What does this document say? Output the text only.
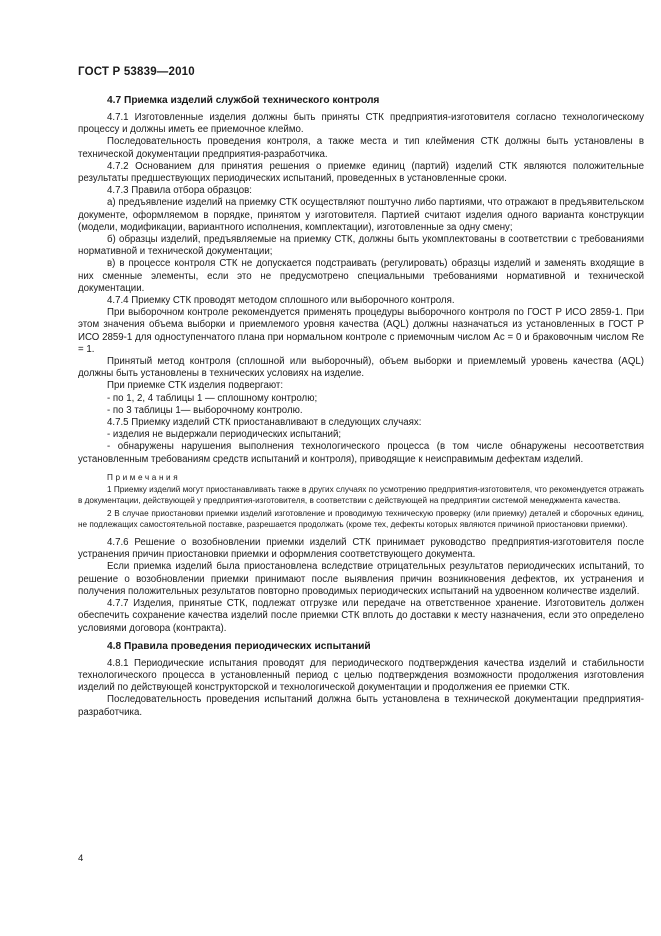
ГОСТ Р 53839—2010

4.7 Приемка изделий службой технического контроля

4.7.1 Изготовленные изделия должны быть приняты СТК предприятия-изготовителя согласно технологическому процессу и должны иметь ее приемочное клеймо.

Последовательность проведения контроля, а также места и тип клеймения СТК должны быть установлены в технической документации предприятия-разработчика.

4.7.2 Основанием для принятия решения о приемке единиц (партий) изделий СТК являются положительные результаты предшествующих периодических испытаний, проведенных в установленные сроки.

4.7.3 Правила отбора образцов:

а) предъявление изделий на приемку СТК осуществляют поштучно либо партиями, что отражают в предъявительском документе, оформляемом в порядке, принятом у изготовителя. Партией считают изделия одного варианта конструкции (модели, модификации, вариантного исполнения, комплектации), изготовленные за одну смену;

б) образцы изделий, предъявляемые на приемку СТК, должны быть укомплектованы в соответствии с требованиями нормативной и технической документации;

в) в процессе контроля СТК не допускается подстраивать (регулировать) образцы изделий и заменять входящие в них сменные элементы, если это не предусмотрено специальными требованиями нормативной и технической документации.

4.7.4 Приемку СТК проводят методом сплошного или выборочного контроля.

При выборочном контроле рекомендуется применять процедуры выборочного контроля по ГОСТ Р ИСО 2859-1. При этом значения объема выборки и приемлемого уровня качества (AQL) должны назначаться из установленных в ГОСТ Р ИСО 2859-1 для одноступенчатого плана при нормальном контроле с приемочным числом Ac = 0 и браковочным числом Re = 1.

Принятый метод контроля (сплошной или выборочный), объем выборки и приемлемый уровень качества (AQL) должны быть установлены в технических условиях на изделие.

При приемке СТК изделия подвергают:

- по 1, 2, 4 таблицы 1 — сплошному контролю;

- по 3 таблицы 1— выборочному контролю.

4.7.5 Приемку изделий СТК приостанавливают в следующих случаях:

- изделия не выдержали периодических испытаний;

- обнаружены нарушения выполнения технологического процесса (в том числе обнаружены несоответствия установленным требованиям средств испытаний и контроля), приводящие к неисправимым дефектам изделий.

Примечания

1 Приемку изделий могут приостанавливать также в других случаях по усмотрению предприятия-изготовителя, что рекомендуется отражать в документации, действующей у предприятия-изготовителя, в соответствии с действующей на предприятии системой менеджмента качества.

2 В случае приостановки приемки изделий изготовление и проводимую техническую проверку (или приемку) деталей и сборочных единиц, не подлежащих самостоятельной поставке, разрешается продолжать (кроме тех, дефекты которых являются причиной приостановки приемки).

4.7.6 Решение о возобновлении приемки изделий СТК принимает руководство предприятия-изготовителя после устранения причин приостановки приемки и оформления соответствующего документа.

Если приемка изделий была приостановлена вследствие отрицательных результатов периодических испытаний, то решение о возобновлении приемки принимают после выявления причин возникновения дефектов, их устранения и получения положительных результатов повторно проводимых периодических испытаний на удвоенном количестве изделий.

4.7.7 Изделия, принятые СТК, подлежат отгрузке или передаче на ответственное хранение. Изготовитель должен обеспечить сохранение качества изделий после приемки СТК вплоть до доставки к месту назначения, если это определено условиями договора (контракта).

4.8 Правила проведения периодических испытаний

4.8.1 Периодические испытания проводят для периодического подтверждения качества изделий и стабильности технологического процесса в установленный период с целью подтверждения возможности продолжения изготовления изделий по действующей конструкторской и технологической документации и продолжения ее приемки СТК.

Последовательность проведения испытаний должна быть установлена в технической документации предприятия-разработчика.

4
